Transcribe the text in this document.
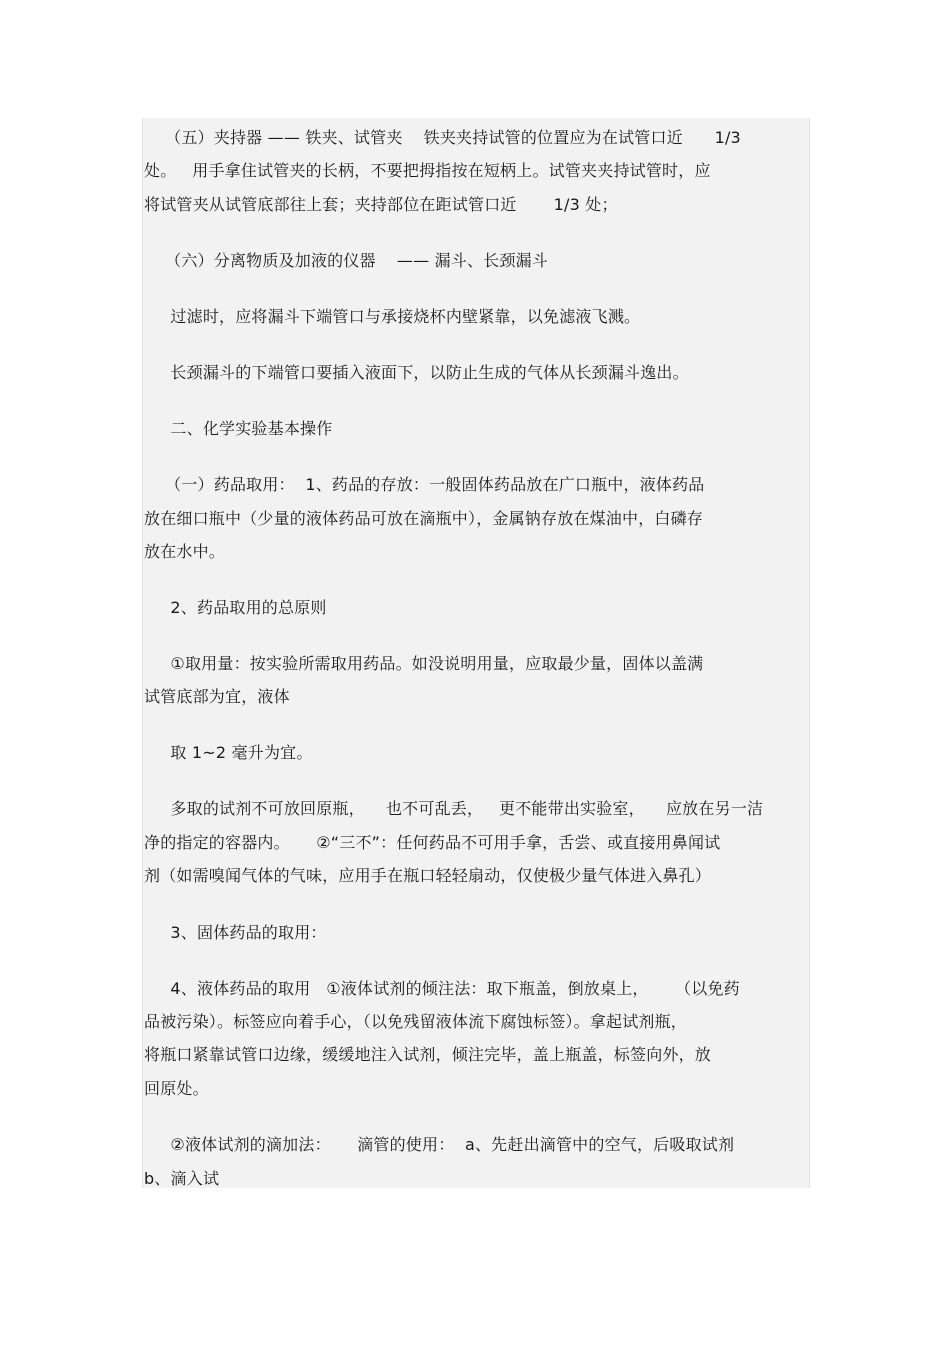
（五）夹持器 —— 铁夹、试管夹    铁夹夹持试管的位置应为在试管口近      1/3
处。   用手拿住试管夹的长柄，不要把拇指按在短柄上。试管夹夹持试管时，应
将试管夹从试管底部往上套；夹持部位在距试管口近       1/3 处；
（六）分离物质及加液的仪器    —— 漏斗、长颈漏斗
过滤时，应将漏斗下端管口与承接烧杯内壁紧靠，以免滤液飞溅。
长颈漏斗的下端管口要插入液面下，以防止生成的气体从长颈漏斗逸出。
二、化学实验基本操作
（一）药品取用：  1、药品的存放：一般固体药品放在广口瓶中，液体药品
放在细口瓶中（少量的液体药品可放在滴瓶中），金属钠存放在煤油中，白磷存
放在水中。
2、药品取用的总原则
①取用量：按实验所需取用药品。如没说明用量，应取最少量，固体以盖满
试管底部为宜，液体
取 1~2 毫升为宜。
多取的试剂不可放回原瓶，    也不可乱丢，   更不能带出实验室，    应放在另一洁
净的指定的容器内。     ②“三不”：任何药品不可用手拿，舌尝、或直接用鼻闻试
剂（如需嗅闻气体的气味，应用手在瓶口轻轻扇动，仅使极少量气体进入鼻孔）
3、固体药品的取用：
4、液体药品的取用   ①液体试剂的倾注法：取下瓶盖，倒放桌上，     （以免药
品被污染）。标签应向着手心，（以免残留液体流下腐蚀标签）。拿起试剂瓶，
将瓶口紧靠试管口边缘，缓缓地注入试剂，倾注完毕，盖上瓶盖，标签向外，放
回原处。
②液体试剂的滴加法：     滴管的使用：  a、先赶出滴管中的空气，后吸取试剂
b、滴入试
